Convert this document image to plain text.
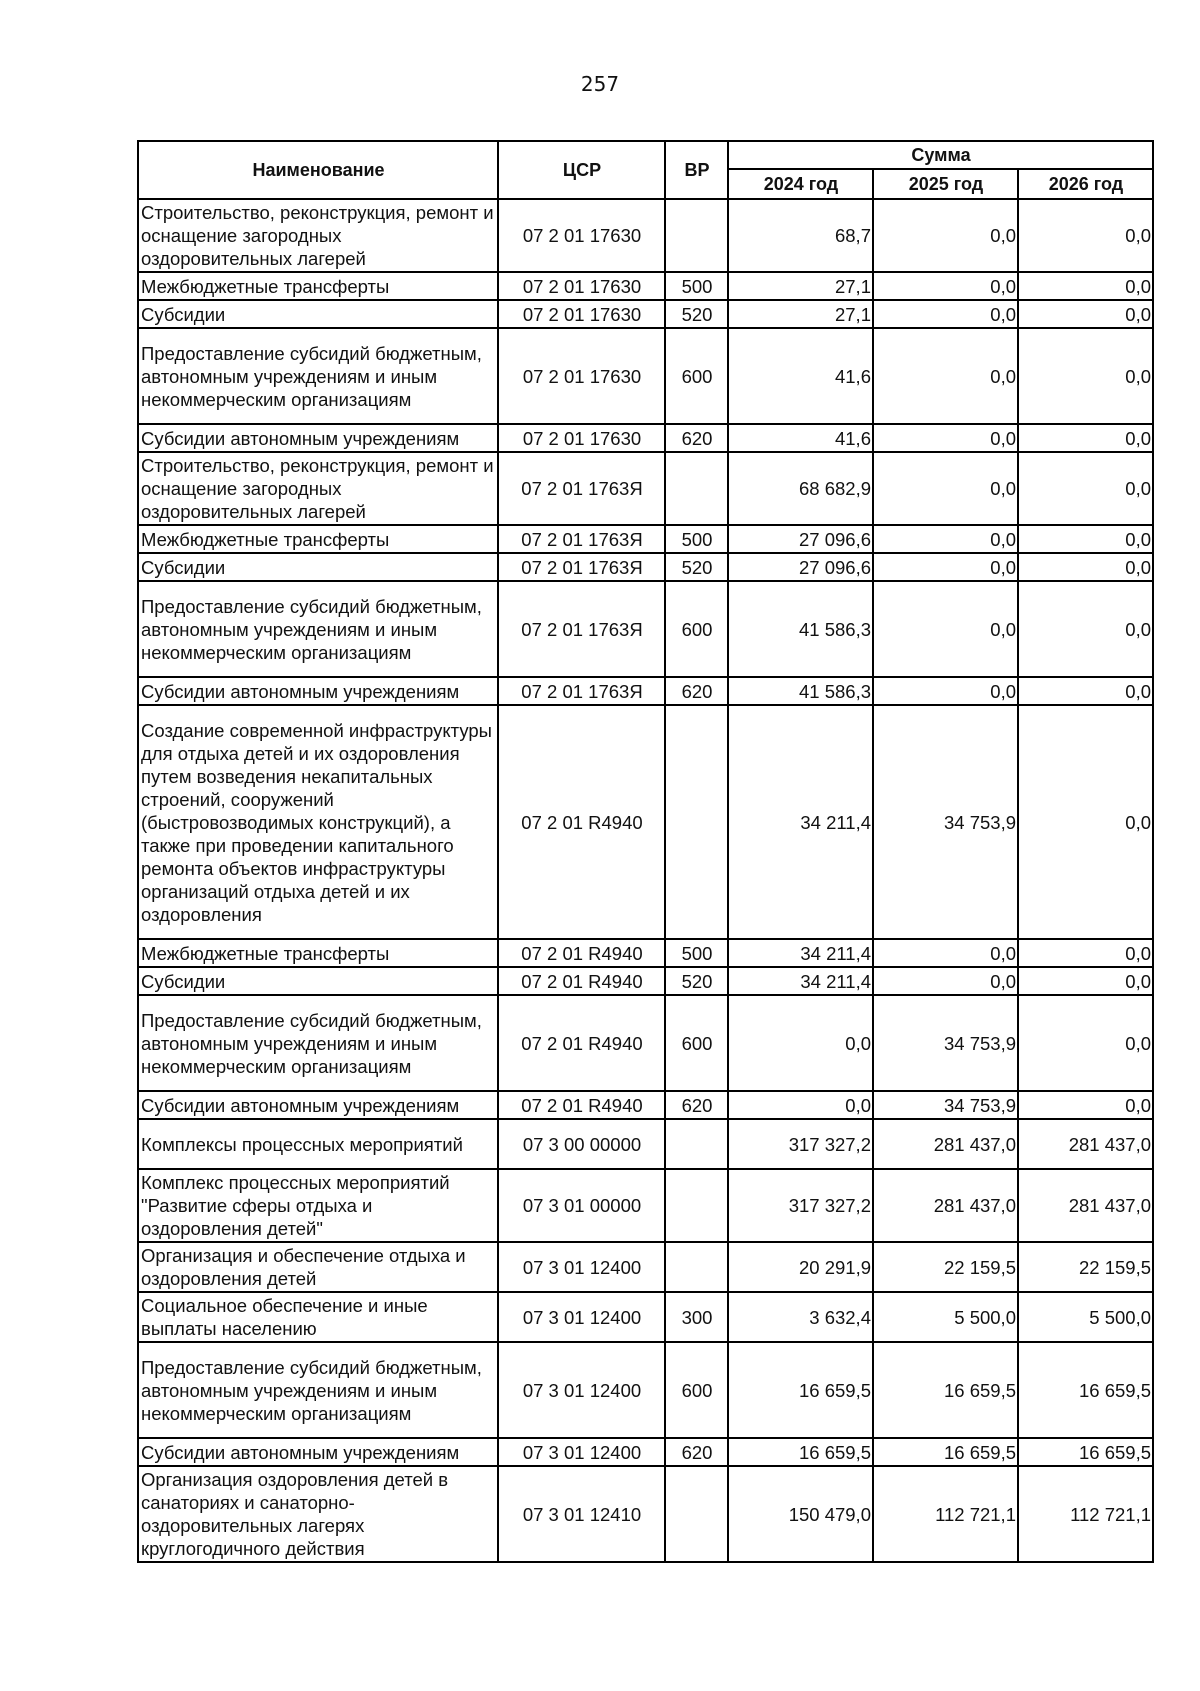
257
Наименование	ЦСР	ВР	Сумма		
			2024 год	2025 год	2026 год
Строительство, реконструкция, ремонт и оснащение загородных оздоровительных лагерей	07 2 01 17630		68,7	0,0	0,0
Межбюджетные трансферты	07 2 01 17630	500	27,1	0,0	0,0
Субсидии	07 2 01 17630	520	27,1	0,0	0,0
Предоставление субсидий бюджетным, автономным учреждениям и иным некоммерческим организациям	07 2 01 17630	600	41,6	0,0	0,0
Субсидии автономным учреждениям	07 2 01 17630	620	41,6	0,0	0,0
Строительство, реконструкция, ремонт и оснащение загородных оздоровительных лагерей	07 2 01 1763Я		68 682,9	0,0	0,0
Межбюджетные трансферты	07 2 01 1763Я	500	27 096,6	0,0	0,0
Субсидии	07 2 01 1763Я	520	27 096,6	0,0	0,0
Предоставление субсидий бюджетным, автономным учреждениям и иным некоммерческим организациям	07 2 01 1763Я	600	41 586,3	0,0	0,0
Субсидии автономным учреждениям	07 2 01 1763Я	620	41 586,3	0,0	0,0
Создание современной инфраструктуры для отдыха детей и их оздоровления путем возведения некапитальных строений, сооружений (быстровозводимых конструкций), а также при проведении капитального ремонта объектов инфраструктуры организаций отдыха детей и их оздоровления	07 2 01 R4940		34 211,4	34 753,9	0,0
Межбюджетные трансферты	07 2 01 R4940	500	34 211,4	0,0	0,0
Субсидии	07 2 01 R4940	520	34 211,4	0,0	0,0
Предоставление субсидий бюджетным, автономным учреждениям и иным некоммерческим организациям	07 2 01 R4940	600	0,0	34 753,9	0,0
Субсидии автономным учреждениям	07 2 01 R4940	620	0,0	34 753,9	0,0
Комплексы процессных мероприятий	07 3 00 00000		317 327,2	281 437,0	281 437,0
Комплекс процессных мероприятий "Развитие сферы отдыха и оздоровления детей"	07 3 01 00000		317 327,2	281 437,0	281 437,0
Организация и обеспечение отдыха и оздоровления детей	07 3 01 12400		20 291,9	22 159,5	22 159,5
Социальное обеспечение и иные выплаты населению	07 3 01 12400	300	3 632,4	5 500,0	5 500,0
Предоставление субсидий бюджетным, автономным учреждениям и иным некоммерческим организациям	07 3 01 12400	600	16 659,5	16 659,5	16 659,5
Субсидии автономным учреждениям	07 3 01 12400	620	16 659,5	16 659,5	16 659,5
Организация оздоровления детей в санаториях и санаторно-оздоровительных лагерях круглогодичного действия	07 3 01 12410		150 479,0	112 721,1	112 721,1
